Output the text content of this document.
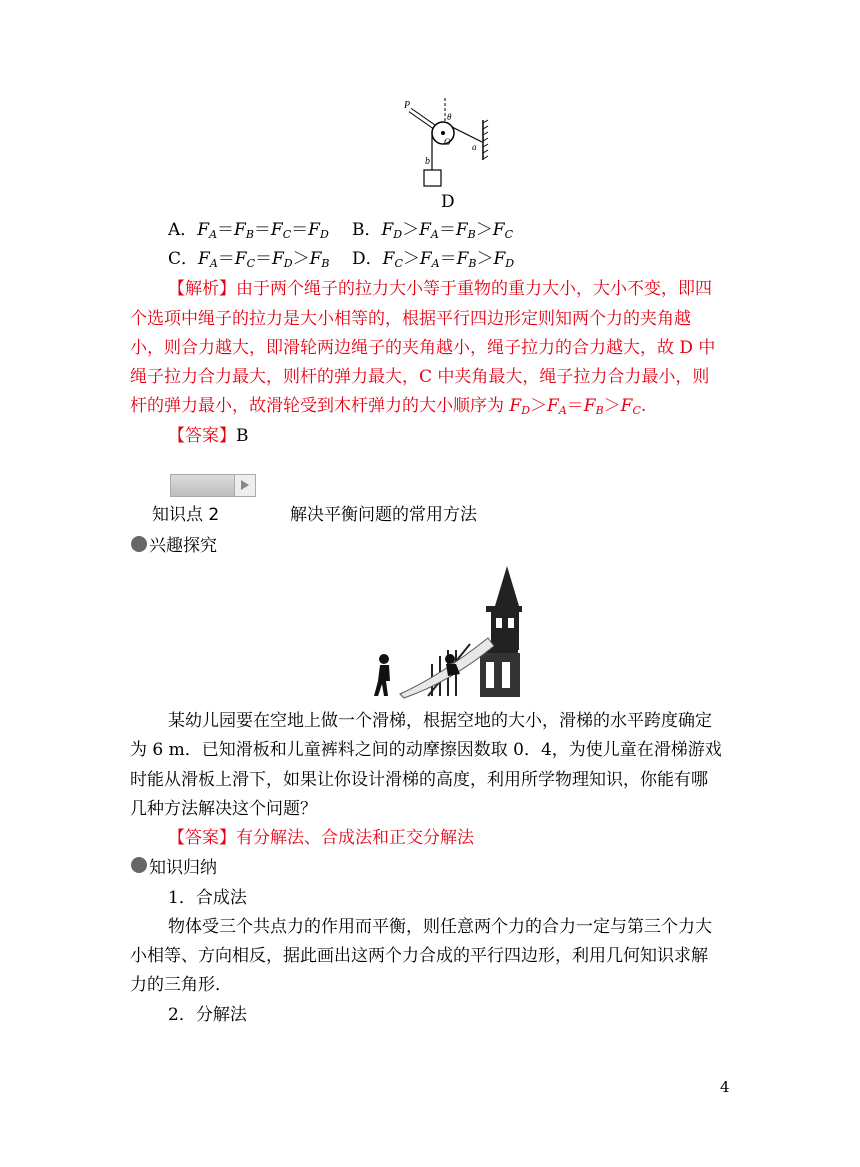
P
θ
O a
b
D
A．$F_A=F_B=F_C=F_D$ B．$F_D>F_A=F_B>F_C$
C．$F_A=F_C=F_D>F_B$ D．$F_C>F_A=F_B>F_D$
【解析】由于两个绳子的拉力大小等于重物的重力大小，大小不变，即四
个选项中绳子的拉力是大小相等的，根据平行四边形定则知两个力的夹角越
小，则合力越大，即滑轮两边绳子的夹角越小，绳子拉力的合力越大，故 D 中
绳子拉力合力最大，则杆的弹力最大，C 中夹角最大，绳子拉力合力最小，则
杆的弹力最小，故滑轮受到木杆弹力的大小顺序为 $F_D>F_A=F_B>F_C$.
【答案】B
知识点 2	解决平衡问题的常用方法
兴趣探究
某幼儿园要在空地上做一个滑梯，根据空地的大小，滑梯的水平跨度确定
为 6 m．已知滑板和儿童裤料之间的动摩擦因数取 0．4，为使儿童在滑梯游戏
时能从滑板上滑下，如果让你设计滑梯的高度，利用所学物理知识，你能有哪
几种方法解决这个问题？
【答案】有分解法、合成法和正交分解法
知识归纳
1．合成法
物体受三个共点力的作用而平衡，则任意两个力的合力一定与第三个力大
小相等、方向相反，据此画出这两个力合成的平行四边形，利用几何知识求解
力的三角形．
2．分解法
4
